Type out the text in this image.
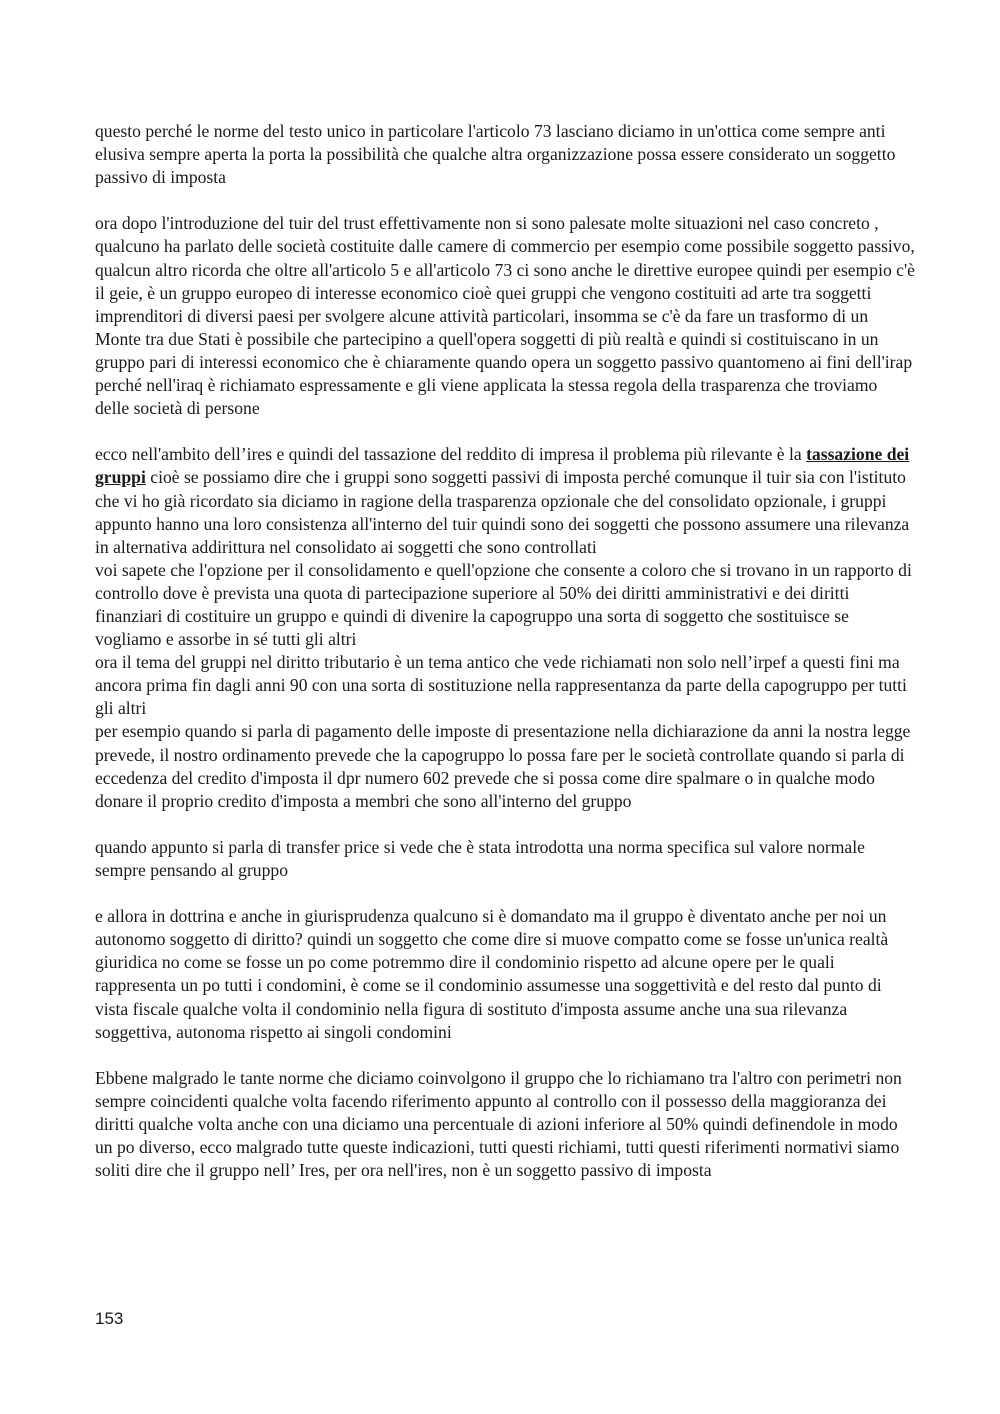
questo perché le norme del testo unico in particolare l'articolo 73 lasciano diciamo in un'ottica come sempre anti elusiva sempre aperta la porta la possibilità che qualche altra organizzazione possa essere considerato un soggetto passivo di imposta

ora dopo l'introduzione del tuir del trust effettivamente non si sono palesate molte situazioni nel caso concreto , qualcuno ha parlato delle società costituite dalle camere di commercio per esempio come possibile soggetto passivo, qualcun altro ricorda che oltre all'articolo 5 e all'articolo 73 ci sono anche le direttive europee quindi per esempio c'è il geie, è un gruppo europeo di interesse economico cioè quei gruppi che vengono costituiti ad arte tra soggetti imprenditori di diversi paesi per svolgere alcune attività particolari, insomma se c'è da fare un trasformo di un Monte tra due Stati è possibile che partecipino a quell'opera soggetti di più realtà e quindi si costituiscano in un gruppo pari di interessi economico che è chiaramente quando opera un soggetto passivo quantomeno ai fini dell'irap perché nell'iraq è richiamato espressamente e gli viene applicata la stessa regola della trasparenza che troviamo delle società di persone

ecco nell'ambito dell’ires e quindi del tassazione del reddito di impresa il problema più rilevante è la tassazione dei gruppi cioè se possiamo dire che i gruppi sono soggetti passivi di imposta perché comunque il tuir sia con l'istituto che vi ho già ricordato sia diciamo in ragione della trasparenza opzionale che del consolidato opzionale, i gruppi appunto hanno una loro consistenza all'interno del tuir quindi sono dei soggetti che possono assumere una rilevanza in alternativa addirittura nel consolidato ai soggetti che sono controllati

voi sapete che l'opzione per il consolidamento e quell'opzione che consente a coloro che si trovano in un rapporto di controllo dove è prevista una quota di partecipazione superiore al 50% dei diritti amministrativi e dei diritti finanziari di costituire un gruppo e quindi di divenire la capogruppo una sorta di soggetto che sostituisce se vogliamo e assorbe in sé tutti gli altri

ora il tema del gruppi nel diritto tributario è un tema antico che vede richiamati non solo nell’irpef a questi fini ma ancora prima fin dagli anni 90 con una sorta di sostituzione nella rappresentanza da parte della capogruppo per tutti gli altri

per esempio quando si parla di pagamento delle imposte di presentazione nella dichiarazione da anni la nostra legge prevede, il nostro ordinamento prevede che la capogruppo lo possa fare per le società controllate quando si parla di eccedenza del credito d'imposta il dpr numero 602 prevede che si possa come dire spalmare o in qualche modo donare il proprio credito d'imposta a membri che sono all'interno del gruppo

quando appunto si parla di transfer price si vede che è stata introdotta una norma specifica sul valore normale sempre pensando al gruppo

e allora in dottrina e anche in giurisprudenza qualcuno si è domandato ma il gruppo è diventato anche per noi un autonomo soggetto di diritto? quindi un soggetto che come dire si muove compatto come se fosse un'unica realtà giuridica no come se fosse un po come potremmo dire il condominio rispetto ad alcune opere per le quali rappresenta un po tutti i condomini, è come se il condominio assumesse una soggettività e del resto dal punto di vista fiscale qualche volta il condominio nella figura di sostituto d'imposta assume anche una sua rilevanza soggettiva, autonoma rispetto ai singoli condomini

Ebbene malgrado le tante norme che diciamo coinvolgono il gruppo che lo richiamano tra l'altro con perimetri non sempre coincidenti qualche volta facendo riferimento appunto al controllo con il possesso della maggioranza dei diritti qualche volta anche con una diciamo una percentuale di azioni inferiore al 50% quindi definendole in modo un po diverso, ecco malgrado tutte queste indicazioni, tutti questi richiami, tutti questi riferimenti normativi siamo soliti dire che il gruppo nell’ Ires, per ora nell'ires, non è un soggetto passivo di imposta

153
